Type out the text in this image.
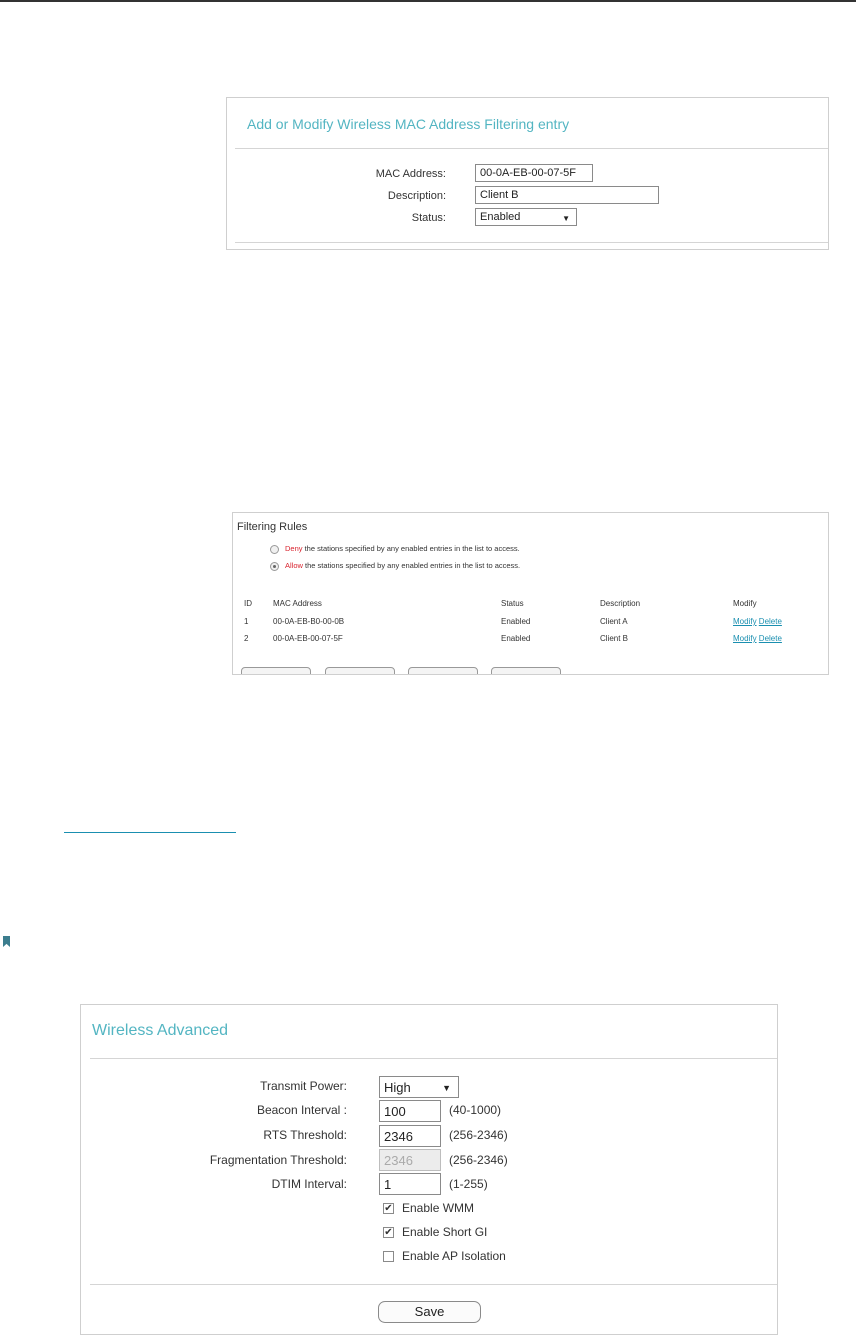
Add or Modify Wireless MAC Address Filtering entry
MAC Address:	00-0A-EB-00-07-5F
Description:	Client B
Status:	Enabled	▼
Filtering Rules
Deny the stations specified by any enabled entries in the list to access.
Allow the stations specified by any enabled entries in the list to access.
ID	MAC Address	Status	Description	Modify
1	00-0A-EB-B0-00-0B	Enabled	Client A	Modify Delete
2	00-0A-EB-00-07-5F	Enabled	Client B	Modify Delete
Wireless Advanced
Transmit Power:	High	▼
Beacon Interval :	100	(40-1000)
RTS Threshold:	2346	(256-2346)
Fragmentation Threshold:	2346	(256-2346)
DTIM Interval:	1	(1-255)
✔ Enable WMM
✔ Enable Short GI
Enable AP Isolation
Save
